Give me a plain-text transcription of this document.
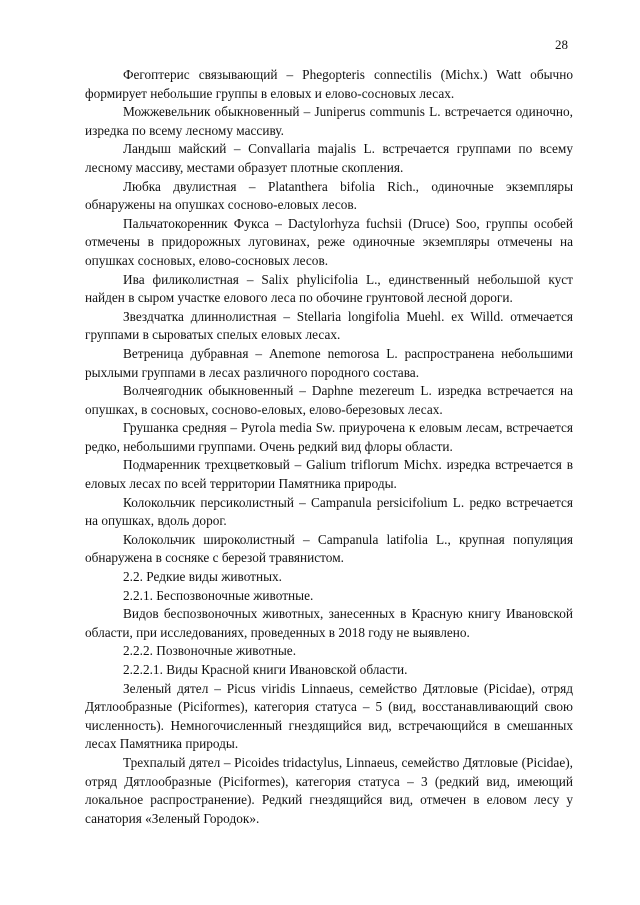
28

Фегоптерис связывающий – Phegopteris connectilis (Michx.) Watt обычно формирует небольшие группы в еловых и елово-сосновых лесах.

Можжевельник обыкновенный – Juniperus communis L. встречается одиночно, изредка по всему лесному массиву.

Ландыш майский – Convallaria majalis L. встречается группами по всему лесному массиву, местами образует плотные скопления.

Любка двулистная – Platanthera bifolia Rich., одиночные экземпляры обнаружены на опушках сосново-еловых лесов.

Пальчатокоренник Фукса – Dactylorhyza fuchsii (Druce) Soo, группы особей отмечены в придорожных луговинах, реже одиночные экземпляры отмечены на опушках сосновых, елово-сосновых лесов.

Ива филиколистная – Salix phylicifolia L., единственный небольшой куст найден в сыром участке елового леса по обочине грунтовой лесной дороги.

Звездчатка длиннолистная – Stellaria longifolia Muehl. ex Willd. отмечается группами в сыроватых спелых еловых лесах.

Ветреница дубравная – Anemone nemorosa L. распространена небольшими рыхлыми группами в лесах различного породного состава.

Волчеягодник обыкновенный – Daphne mezereum L. изредка встречается на опушках, в сосновых, сосново-еловых, елово-березовых лесах.

Грушанка средняя – Pyrola media Sw. приурочена к еловым лесам, встречается редко, небольшими группами. Очень редкий вид флоры области.

Подмаренник трехцветковый – Galium triflorum Michx. изредка встречается в еловых лесах по всей территории Памятника природы.

Колокольчик персиколистный – Campanula persicifolium L. редко встречается на опушках, вдоль дорог.

Колокольчик широколистный – Campanula latifolia L., крупная популяция обнаружена в сосняке с березой травянистом.

2.2. Редкие виды животных.

2.2.1. Беспозвоночные животные.

Видов беспозвоночных животных, занесенных в Красную книгу Ивановской области, при исследованиях, проведенных в 2018 году не выявлено.

2.2.2. Позвоночные животные.

2.2.2.1. Виды Красной книги Ивановской области.

Зеленый дятел – Picus viridis Linnaeus, семейство Дятловые (Picidae), отряд Дятлообразные (Piciformes), категория статуса – 5 (вид, восстанавливающий свою численность). Немногочисленный гнездящийся вид, встречающийся в смешанных лесах Памятника природы.

Трехпалый дятел – Picoides tridactylus, Linnaeus, семейство Дятловые (Picidae), отряд Дятлообразные (Piciformes), категория статуса – 3 (редкий вид, имеющий локальное распространение). Редкий гнездящийся вид, отмечен в еловом лесу у санатория «Зеленый Городок».
